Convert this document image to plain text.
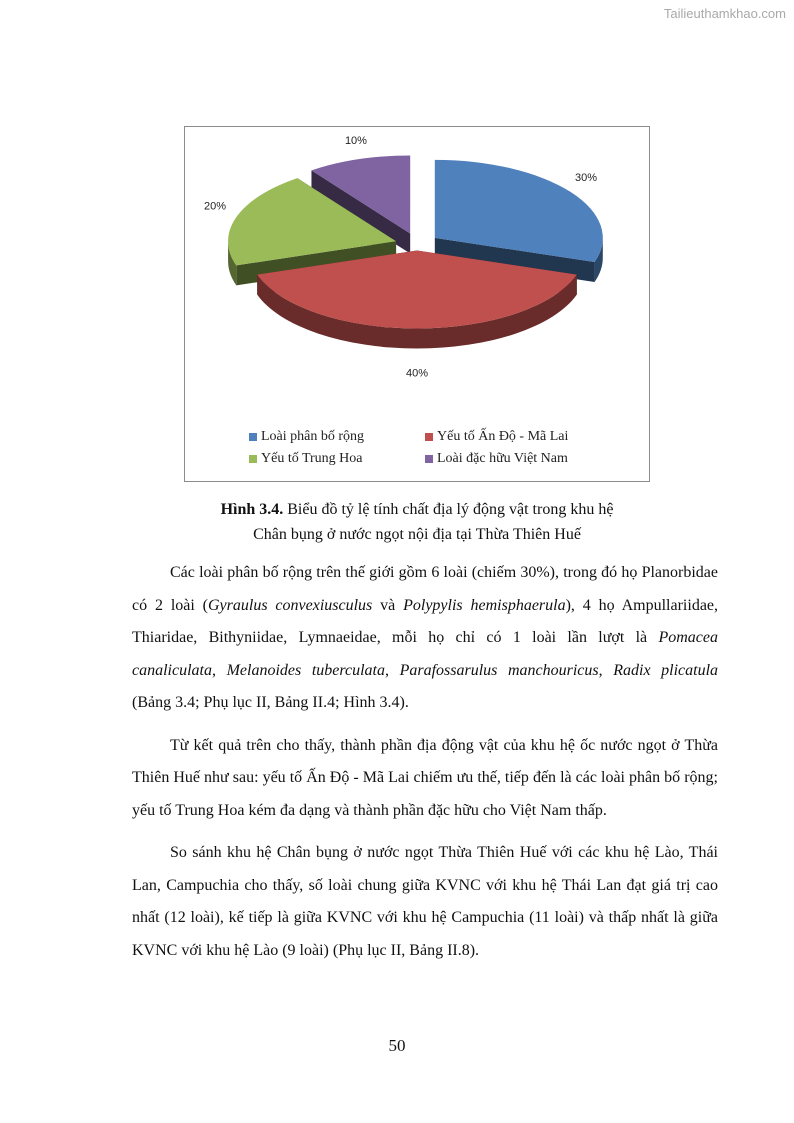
Tailieuthamkhao.com
30%
40%
20%
10%
Loài phân bố rộng	Yếu tố Ấn Độ - Mã Lai
Yếu tố Trung Hoa	Loài đặc hữu Việt Nam
Hình 3.4. Biểu đồ tỷ lệ tính chất địa lý động vật trong khu hệ
Chân bụng ở nước ngọt nội địa tại Thừa Thiên Huế

Các loài phân bố rộng trên thế giới gồm 6 loài (chiếm 30%), trong đó họ Planorbidae có 2 loài (Gyraulus convexiusculus và Polypylis hemisphaerula), 4 họ Ampullariidae, Thiaridae, Bithyniidae, Lymnaeidae, mỗi họ chỉ có 1 loài lần lượt là Pomacea canaliculata, Melanoides tuberculata, Parafossarulus manchouricus, Radix plicatula (Bảng 3.4; Phụ lục II, Bảng II.4; Hình 3.4).

Từ kết quả trên cho thấy, thành phần địa động vật của khu hệ ốc nước ngọt ở Thừa Thiên Huế như sau: yếu tố Ấn Độ - Mã Lai chiếm ưu thế, tiếp đến là các loài phân bố rộng; yếu tố Trung Hoa kém đa dạng và thành phần đặc hữu cho Việt Nam thấp.

So sánh khu hệ Chân bụng ở nước ngọt Thừa Thiên Huế với các khu hệ Lào, Thái Lan, Campuchia cho thấy, số loài chung giữa KVNC với khu hệ Thái Lan đạt giá trị cao nhất (12 loài), kế tiếp là giữa KVNC với khu hệ Campuchia (11 loài) và thấp nhất là giữa KVNC với khu hệ Lào (9 loài) (Phụ lục II, Bảng II.8).

50
